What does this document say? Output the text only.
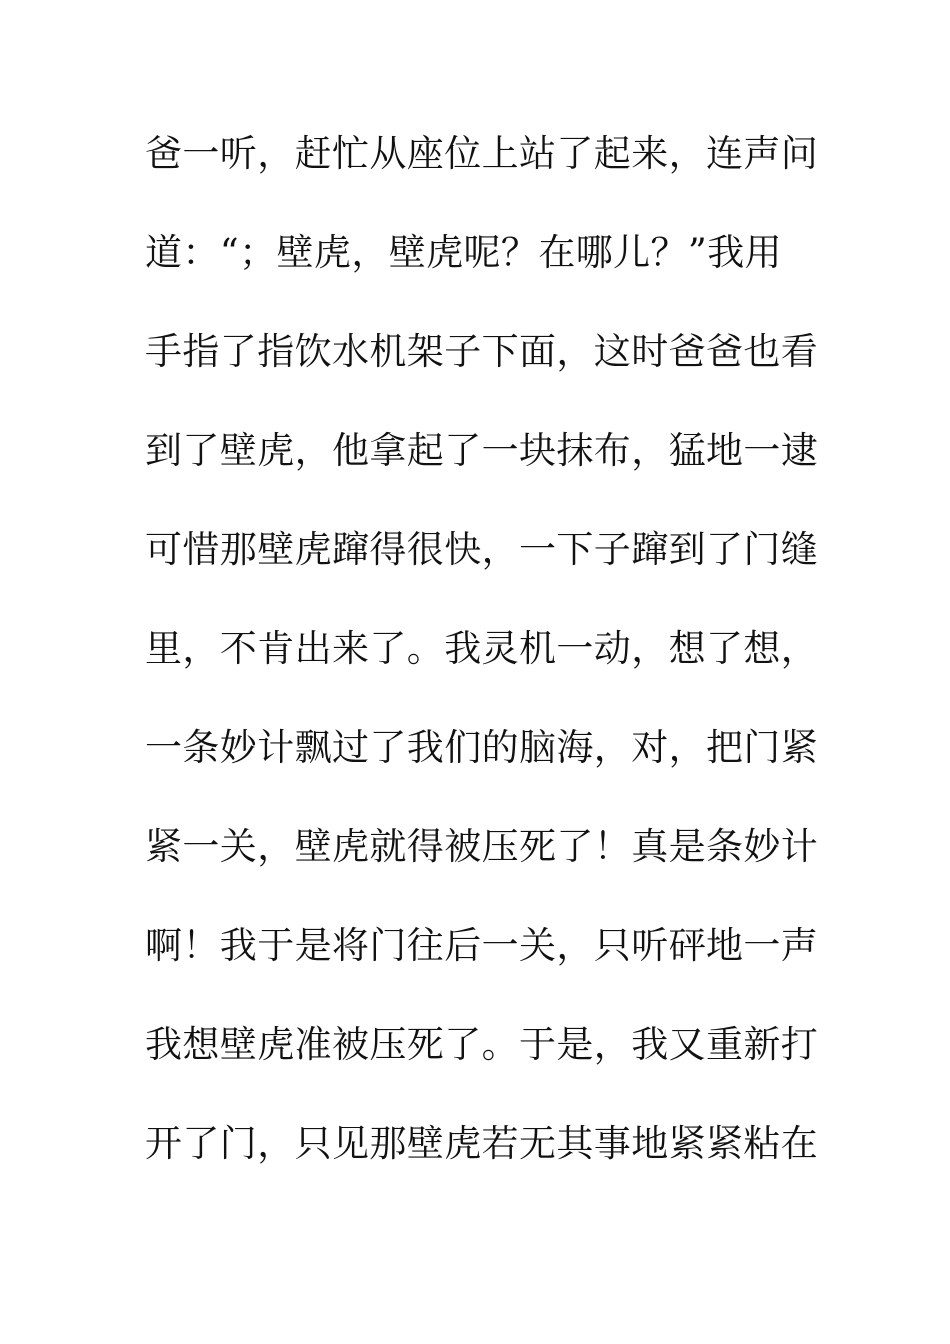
爸一听，赶忙从座位上站了起来，连声问
道：“；壁虎，壁虎呢？在哪儿？”我用
手指了指饮水机架子下面，这时爸爸也看
到了壁虎，他拿起了一块抹布，猛地一逮
可惜那壁虎蹿得很快，一下子蹿到了门缝
里，不肯出来了。我灵机一动，想了想，
一条妙计飘过了我们的脑海，对，把门紧
紧一关，壁虎就得被压死了！真是条妙计
啊！我于是将门往后一关，只听砰地一声
我想壁虎准被压死了。于是，我又重新打
开了门，只见那壁虎若无其事地紧紧粘在
